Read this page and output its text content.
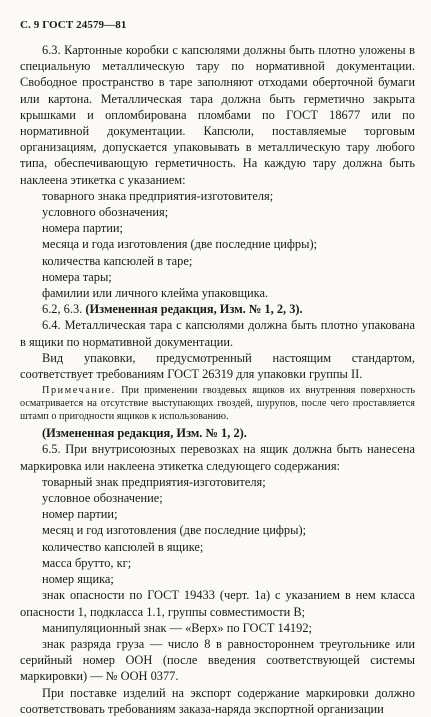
С. 9 ГОСТ 24579—81

6.3. Картонные коробки с капсюлями должны быть плотно уложены в специальную металлическую тару по нормативной документации. Свободное пространство в таре заполняют отходами оберточной бумаги или картона. Металлическая тара должна быть герметично закрыта крышками и опломбирована пломбами по ГОСТ 18677 или по нормативной документации. Капсюли, поставляемые торговым организациям, допускается упаковывать в металлическую тару любого типа, обеспечивающую герметичность. На каждую тару должна быть наклеена этикетка с указанием:

товарного знака предприятия-изготовителя;

условного обозначения;

номера партии;

месяца и года изготовления (две последние цифры);

количества капсюлей в таре;

номера тары;

фамилии или личного клейма упаковщика.

6.2, 6.3. (Измененная редакция, Изм. № 1, 2, 3).

6.4. Металлическая тара с капсюлями должна быть плотно упакована в ящики по нормативной документации.

Вид упаковки, предусмотренный настоящим стандартом, соответствует требованиям ГОСТ 26319 для упаковки группы II.

Примечание. При применении гвоздевых ящиков их внутренняя поверхность осматривается на отсутствие выступающих гвоздей, шурупов, после чего проставляется штамп о пригодности ящиков к использованию.

(Измененная редакция, Изм. № 1, 2).

6.5. При внутрисоюзных перевозках на ящик должна быть нанесена маркировка или наклеена этикетка следующего содержания:

товарный знак предприятия-изготовителя;

условное обозначение;

номер партии;

месяц и год изготовления (две последние цифры);

количество капсюлей в ящике;

масса брутто, кг;

номер ящика;

знак опасности по ГОСТ 19433 (черт. 1а) с указанием в нем класса опасности 1, подкласса 1.1, группы совместимости В;

манипуляционный знак — «Верх» по ГОСТ 14192;

знак разряда груза — число 8 в равностороннем треугольнике или серийный номер ООН (после введения соответствующей системы маркировки) — № ООН 0377.

При поставке изделий на экспорт содержание маркировки должно соответствовать требованиям заказа-наряда экспортной организации
